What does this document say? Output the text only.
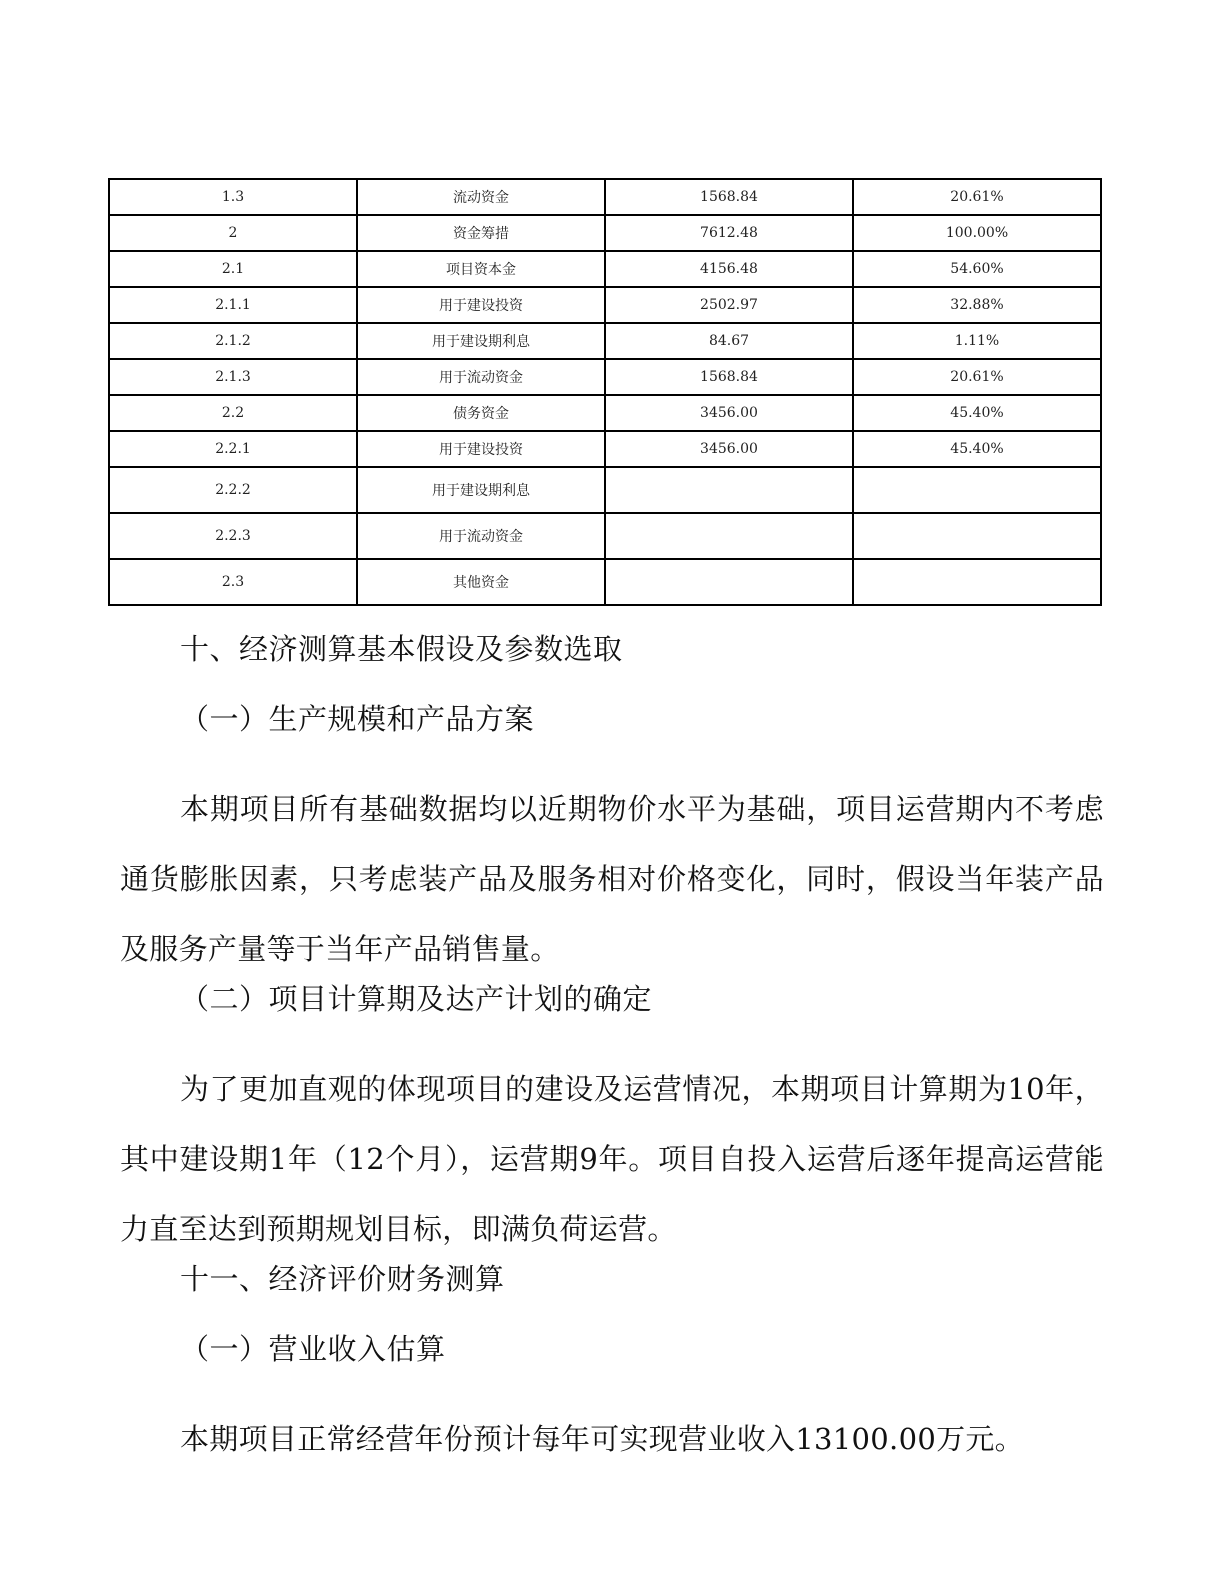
1.3	流动资金	1568.84	20.61%
2	资金筹措	7612.48	100.00%
2.1	项目资本金	4156.48	54.60%
2.1.1	用于建设投资	2502.97	32.88%
2.1.2	用于建设期利息	84.67	1.11%
2.1.3	用于流动资金	1568.84	20.61%
2.2	债务资金	3456.00	45.40%
2.2.1	用于建设投资	3456.00	45.40%
2.2.2	用于建设期利息		
2.2.3	用于流动资金		
2.3	其他资金		
十、经济测算基本假设及参数选取
（一）生产规模和产品方案

本期项目所有基础数据均以近期物价水平为基础，项目运营期内不考虑通货膨胀因素，只考虑装产品及服务相对价格变化，同时，假设当年装产品及服务产量等于当年产品销售量。

（二）项目计算期及达产计划的确定

为了更加直观的体现项目的建设及运营情况，本期项目计算期为10年，其中建设期1年（12个月），运营期9年。项目自投入运营后逐年提高运营能力直至达到预期规划目标，即满负荷运营。

十一、经济评价财务测算
（一）营业收入估算

本期项目正常经营年份预计每年可实现营业收入13100.00万元。
